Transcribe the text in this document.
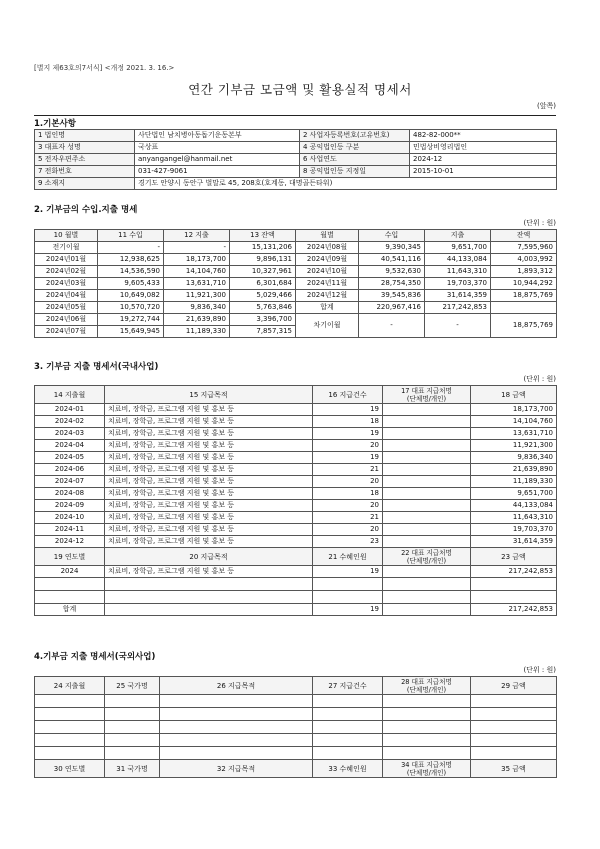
[별지 제63호의7서식] <개정 2021. 3. 16.>
연간 기부금 모금액 및 활용실적 명세서
(앞쪽)
1.기본사항
1 법인명	사단법인 남치병아동돕기운동본부	2 사업자등록번호(고유번호)	482-82-000**
3 대표자 성명	국상표	4 공익법인등 구분	민법상비영리법인
5 전자우편주소	anyangangel@hanmail.net	6 사업연도	2024-12
7 전화번호	031-427-9061	8 공익법인등 지정일	2015-10-01
9 소재지	경기도 안양시 동안구 벌말로 45, 208호(호계동, 대명골든타워)		
2. 기부금의 수입.지출 명세
(단위 : 원)
10 월별	11 수입	12 지출	13 잔액	월별	수입	지출	잔액
전기이월	-	-	15,131,206	2024년08월	9,390,345	9,651,700	7,595,960
2024년01월	12,938,625	18,173,700	9,896,131	2024년09월	40,541,116	44,133,084	4,003,992
2024년02월	14,536,590	14,104,760	10,327,961	2024년10월	9,532,630	11,643,310	1,893,312
2024년03월	9,605,433	13,631,710	6,301,684	2024년11월	28,754,350	19,703,370	10,944,292
2024년04월	10,649,082	11,921,300	5,029,466	2024년12월	39,545,836	31,614,359	18,875,769
2024년05월	10,570,720	9,836,340	5,763,846	합계	220,967,416	217,242,853	
2024년06월	19,272,744	21,639,890	3,396,700	차기이월	-	-	18,875,769
2024년07월	15,649,945	11,189,330	7,857,315				
3. 기부금 지출 명세서(국내사업)
(단위 : 원)
14 지출월	15 지급목적	16 지급건수	17 대표 지급처명
(단체명/개인)	18 금액
2024-01	치료비, 장학금, 프로그램 지원 및 홍보 등	19		18,173,700
2024-02	치료비, 장학금, 프로그램 지원 및 홍보 등	18		14,104,760
2024-03	치료비, 장학금, 프로그램 지원 및 홍보 등	19		13,631,710
2024-04	치료비, 장학금, 프로그램 지원 및 홍보 등	20		11,921,300
2024-05	치료비, 장학금, 프로그램 지원 및 홍보 등	19		9,836,340
2024-06	치료비, 장학금, 프로그램 지원 및 홍보 등	21		21,639,890
2024-07	치료비, 장학금, 프로그램 지원 및 홍보 등	20		11,189,330
2024-08	치료비, 장학금, 프로그램 지원 및 홍보 등	18		9,651,700
2024-09	치료비, 장학금, 프로그램 지원 및 홍보 등	20		44,133,084
2024-10	치료비, 장학금, 프로그램 지원 및 홍보 등	21		11,643,310
2024-11	치료비, 장학금, 프로그램 지원 및 홍보 등	20		19,703,370
2024-12	치료비, 장학금, 프로그램 지원 및 홍보 등	23		31,614,359
19 연도별	20 지급목적	21 수혜인원	22 대표 지급처명
(단체명/개인)	23 금액
2024	치료비, 장학금, 프로그램 지원 및 홍보 등	19		217,242,853

합계		19		217,242,853
4.기부금 지출 명세서(국외사업)
(단위 : 원)
24 지출월	25 국가명	26 지급목적	27 지급건수	28 대표 지급처명
(단체명/개인)	29 금액

30 연도별	31 국가명	32 지급목적	33 수혜인원	34 대표 지급처명
(단체명/개인)	35 금액
